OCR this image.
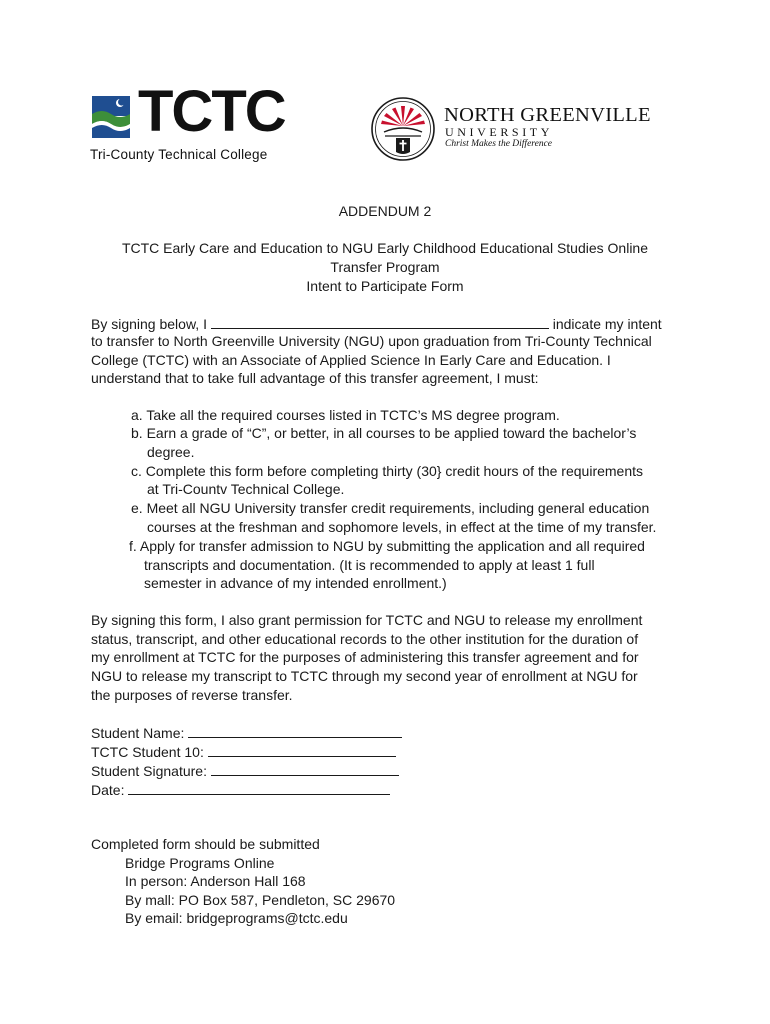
TCTC
Tri-County Technical College
NORTH GREENVILLE
UNIVERSITY
Christ Makes the Difference
ADDENDUM 2
TCTC Early Care and Education to NGU Early Childhood Educational Studies Online
Transfer Program
Intent to Participate Form
By signing below, I	indicate my intent
to transfer to North Greenville University (NGU) upon graduation from Tri-County Technical
College (TCTC) with an Associate of Applied Science In Early Care and Education. I
understand that to take full advantage of this transfer agreement, I must:
a. Take all the required courses listed in TCTC’s MS degree program.
b. Earn a grade of “C”, or better, in all courses to be applied toward the bachelor’s
degree.
c. Complete this form before completing thirty (30} credit hours of the requirements
at Tri-Countv Technical College.
e. Meet all NGU University transfer credit requirements, including general education
courses at the freshman and sophomore levels, in effect at the time of my transfer.
f. Apply for transfer admission to NGU by submitting the application and all required
transcripts and documentation. (It is recommended to apply at least 1 full
semester in advance of my intended enrollment.)
By signing this form, I also grant permission for TCTC and NGU to release my enrollment
status, transcript, and other educational records to the other institution for the duration of
my enrollment at TCTC for the purposes of administering this transfer agreement and for
NGU to release my transcript to TCTC through my second year of enrollment at NGU for
the purposes of reverse transfer.
Student Name:
TCTC Student 10:
Student Signature:
Date:
Completed form should be submitted
Bridge Programs Online
In person: Anderson Hall 168
By mall: PO Box 587, Pendleton, SC 29670
By email: bridgeprograms@tctc.edu
